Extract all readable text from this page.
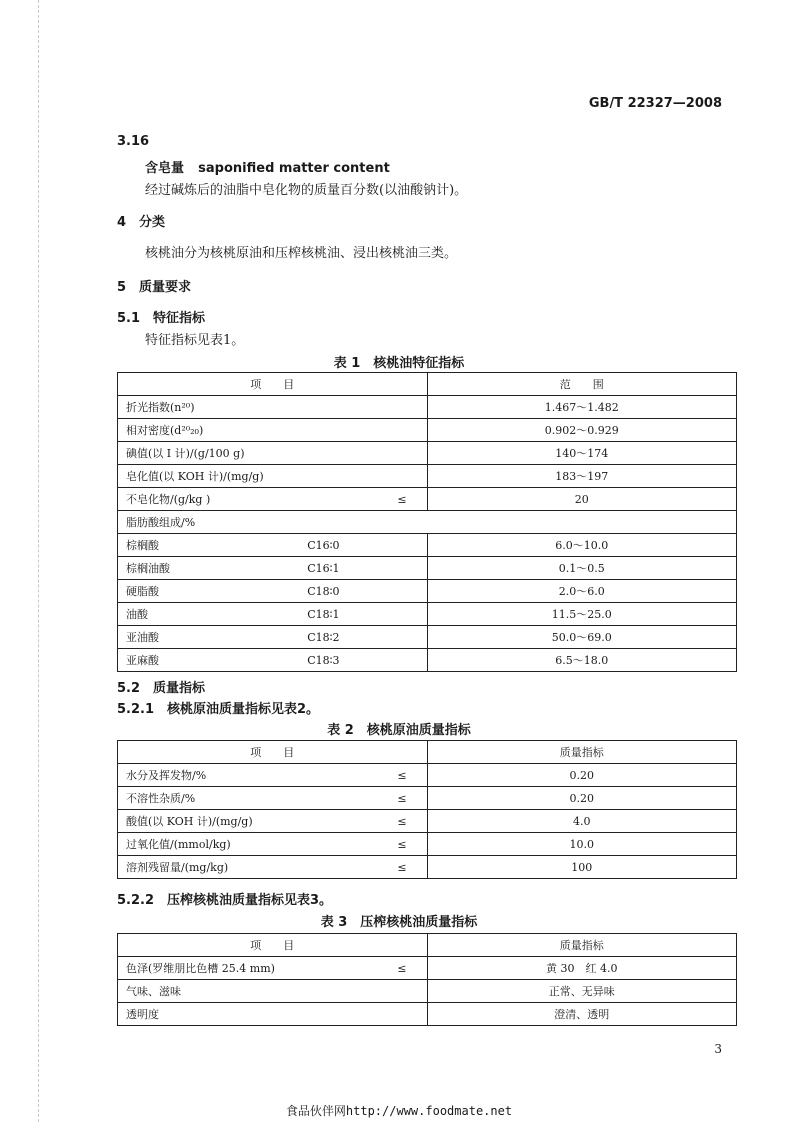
GB/T 22327—2008
3.16
含皂量 saponified matter content
经过碱炼后的油脂中皂化物的质量百分数(以油酸钠计)。
4　分类
核桃油分为核桃原油和压榨核桃油、浸出核桃油三类。
5　质量要求
5.1　特征指标
特征指标见表1。
表 1　核桃油特征指标
项　　目		范　　围
折光指数(n²⁰)		1.467～1.482
相对密度(d²⁰₂₀)		0.902～0.929
碘值(以 I 计)/(g/100 g)		140～174
皂化值(以 KOH 计)/(mg/g)		183～197
不皂化物/(g/kg )	≤	20
脂肪酸组成/%		
棕榈酸	C16∶0	6.0～10.0
棕榈油酸	C16∶1	0.1～0.5
硬脂酸	C18∶0	2.0～6.0
油酸	C18∶1	11.5～25.0
亚油酸	C18∶2	50.0～69.0
亚麻酸	C18∶3	6.5～18.0
5.2　质量指标
5.2.1　核桃原油质量指标见表2。
表 2　核桃原油质量指标
项　　目		质量指标
水分及挥发物/%	≤	0.20
不溶性杂质/%	≤	0.20
酸值(以 KOH 计)/(mg/g)	≤	4.0
过氧化值/(mmol/kg)	≤	10.0
溶剂残留量/(mg/kg)	≤	100
5.2.2　压榨核桃油质量指标见表3。
表 3　压榨核桃油质量指标
项　　目		质量指标
色泽(罗维朋比色槽 25.4 mm)	≤	黄 30　红 4.0
气味、滋味		正常、无异味
透明度		澄清、透明
3
食品伙伴网http://www.foodmate.net
